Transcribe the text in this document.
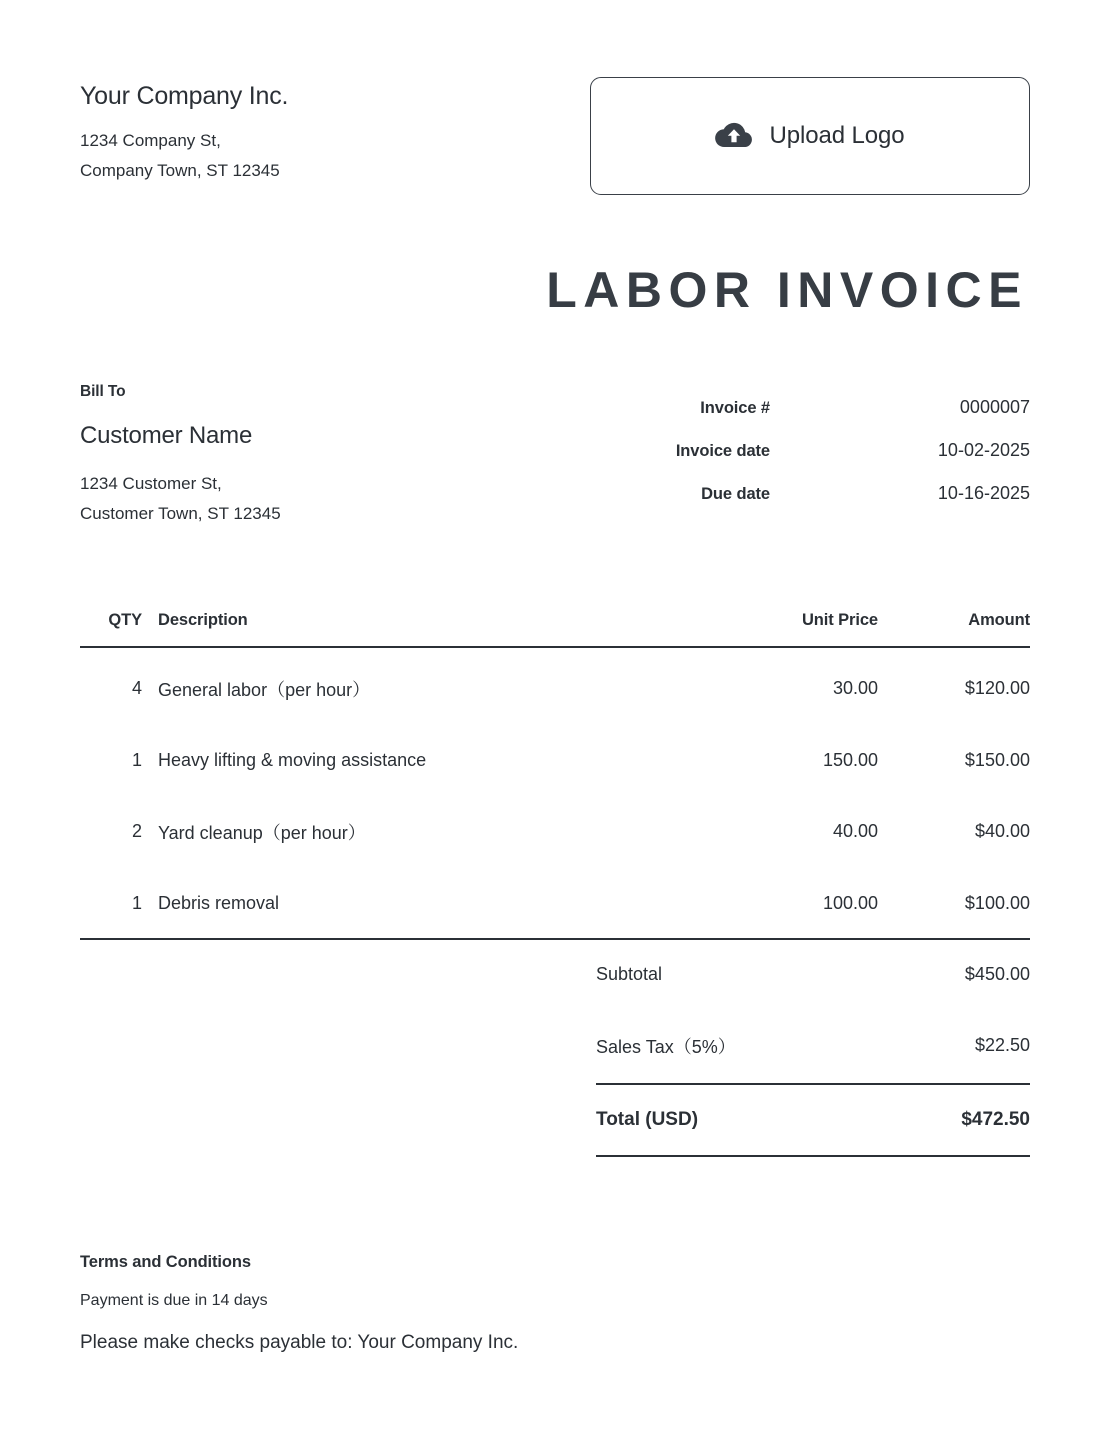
Your Company Inc.
1234 Company St,
Company Town, ST 12345
Upload Logo
LABOR INVOICE
Bill To
Customer Name
1234 Customer St,
Customer Town, ST 12345
Invoice #	0000007
Invoice date	10-02-2025
Due date	10-16-2025
QTY	Description	Unit Price	Amount
4	General labor（per hour）	30.00	$120.00
1	Heavy lifting & moving assistance	150.00	$150.00
2	Yard cleanup（per hour）	40.00	$40.00
1	Debris removal	100.00	$100.00
Subtotal	$450.00
Sales Tax（5%）	$22.50
Total (USD)	$472.50
Terms and Conditions
Payment is due in 14 days
Please make checks payable to: Your Company Inc.
